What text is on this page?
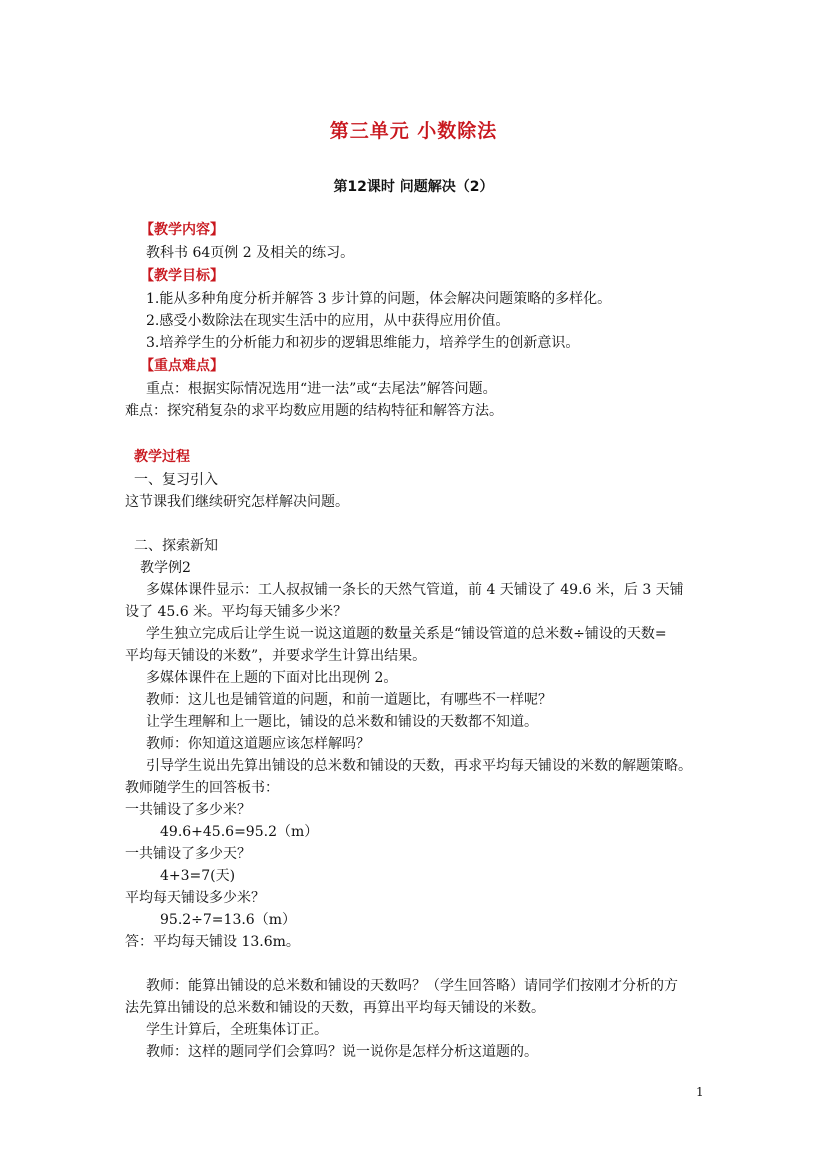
第三单元 小数除法
第12课时 问题解决（2）
【教学内容】
教科书 64页例 2 及相关的练习。
【教学目标】
1.能从多种角度分析并解答 3 步计算的问题，体会解决问题策略的多样化。
2.感受小数除法在现实生活中的应用，从中获得应用价值。
3.培养学生的分析能力和初步的逻辑思维能力，培养学生的创新意识。
【重点难点】
重点：根据实际情况选用“进一法”或“去尾法”解答问题。
难点：探究稍复杂的求平均数应用题的结构特征和解答方法。
教学过程
一、复习引入
这节课我们继续研究怎样解决问题。
二、探索新知
教学例2
多媒体课件显示：工人叔叔铺一条长的天然气管道，前 4 天铺设了 49.6 米，后 3 天铺
设了 45.6 米。平均每天铺多少米？
学生独立完成后让学生说一说这道题的数量关系是“铺设管道的总米数÷铺设的天数=
平均每天铺设的米数”，并要求学生计算出结果。
多媒体课件在上题的下面对比出现例 2。
教师：这儿也是铺管道的问题，和前一道题比，有哪些不一样呢？
让学生理解和上一题比，铺设的总米数和铺设的天数都不知道。
教师：你知道这道题应该怎样解吗？
引导学生说出先算出铺设的总米数和铺设的天数，再求平均每天铺设的米数的解题策略。
教师随学生的回答板书：
一共铺设了多少米？
49.6+45.6=95.2（m）
一共铺设了多少天？
4+3=7(天)
平均每天铺设多少米？
95.2÷7=13.6（m）
答：平均每天铺设 13.6m。
教师：能算出铺设的总米数和铺设的天数吗？（学生回答略）请同学们按刚才分析的方
法先算出铺设的总米数和铺设的天数，再算出平均每天铺设的米数。
学生计算后，全班集体订正。
教师：这样的题同学们会算吗？说一说你是怎样分析这道题的。
1
